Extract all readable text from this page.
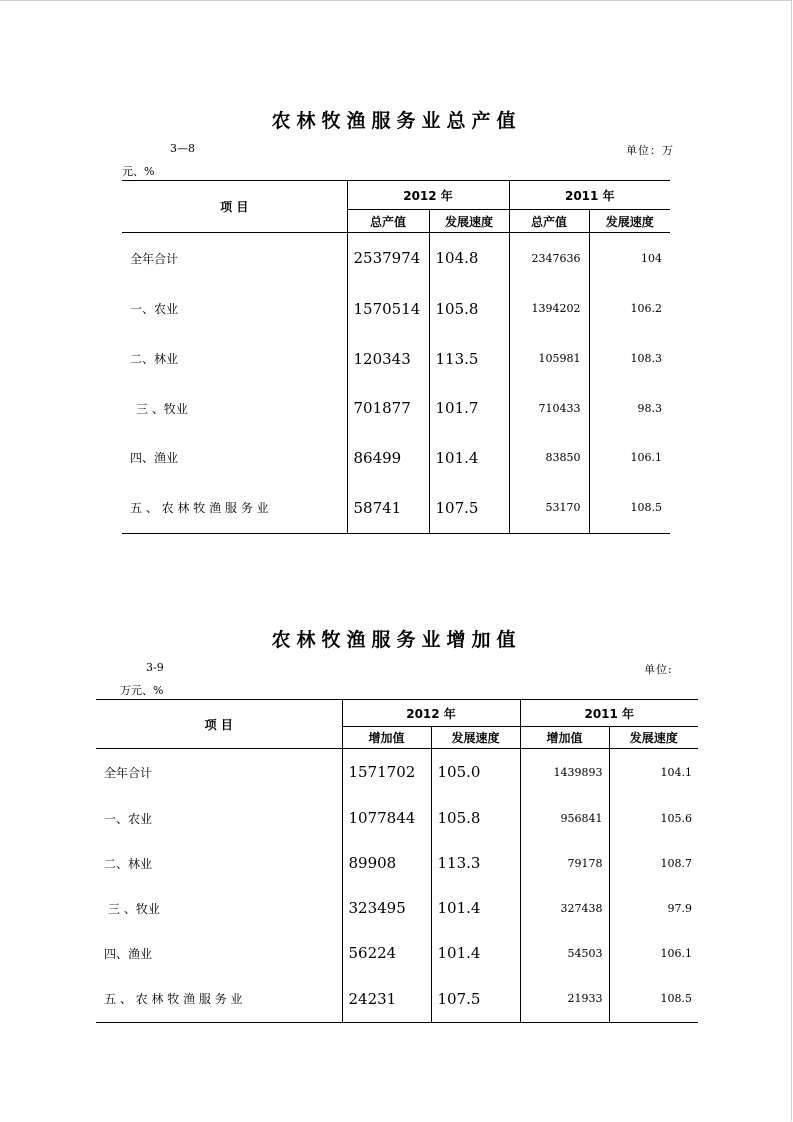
农林牧渔服务业总产值
3—8	单位：万
元、%
项 目	2012 年		2011 年	
	总产值	发展速度	总产值	发展速度
全年合计	2537974	104.8	2347636	104
一、农业	1570514	105.8	1394202	106.2
二、林业	120343	113.5	105981	108.3
三 、牧业	701877	101.7	710433	98.3
四、渔业	86499	101.4	83850	106.1
五 、 农 林 牧 渔 服 务 业	58741	107.5	53170	108.5
农林牧渔服务业增加值
3-9	单位:
万元、%
项 目	2012 年		2011 年	
	增加值	发展速度	增加值	发展速度
全年合计	1571702	105.0	1439893	104.1
一、农业	1077844	105.8	956841	105.6
二、林业	89908	113.3	79178	108.7
三 、牧业	323495	101.4	327438	97.9
四、渔业	56224	101.4	54503	106.1
五 、 农 林 牧 渔 服 务 业	24231	107.5	21933	108.5
